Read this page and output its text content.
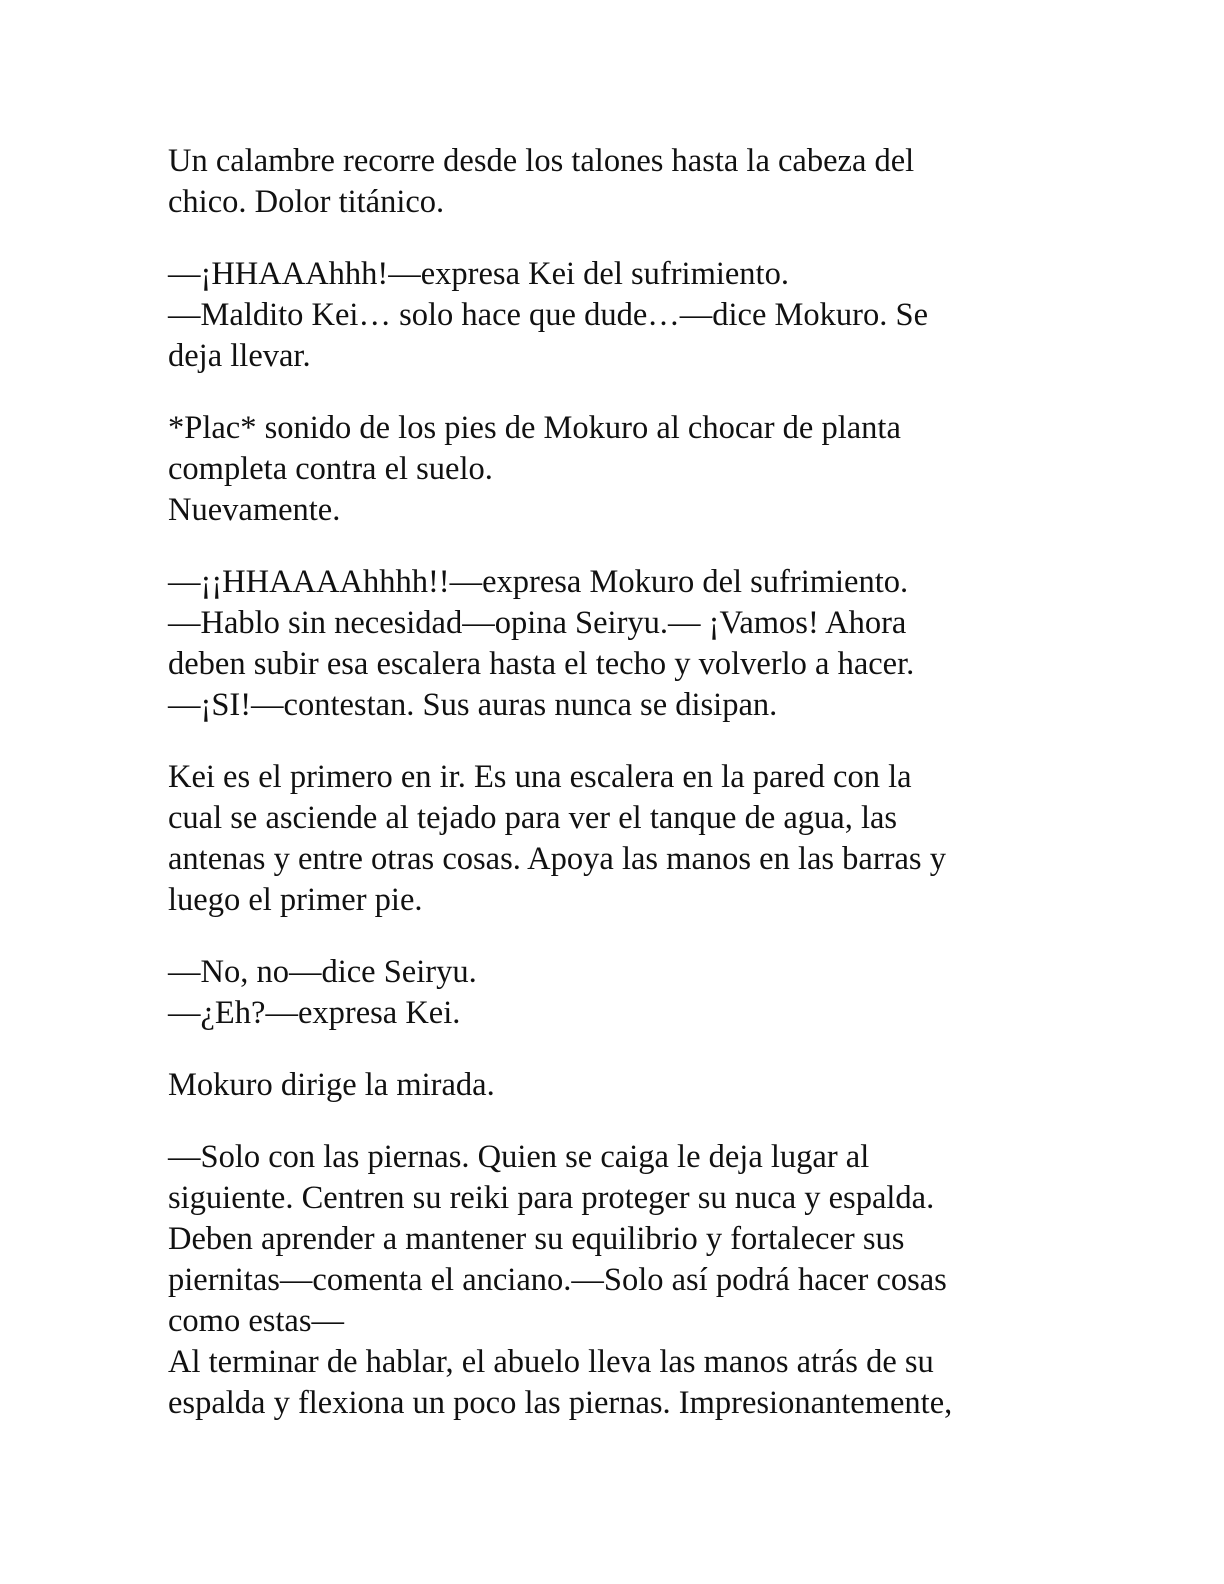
Un calambre recorre desde los talones hasta la cabeza del
chico. Dolor titánico.

—¡HHAAAhhh!—expresa Kei del sufrimiento.
—Maldito Kei… solo hace que dude…—dice Mokuro. Se
deja llevar.

*Plac* sonido de los pies de Mokuro al chocar de planta
completa contra el suelo.
Nuevamente.

—¡¡HHAAAAhhhh!!—expresa Mokuro del sufrimiento.
—Hablo sin necesidad—opina Seiryu.— ¡Vamos! Ahora
deben subir esa escalera hasta el techo y volverlo a hacer.
—¡SI!—contestan. Sus auras nunca se disipan.

Kei es el primero en ir. Es una escalera en la pared con la
cual se asciende al tejado para ver el tanque de agua, las
antenas y entre otras cosas. Apoya las manos en las barras y
luego el primer pie.

—No, no—dice Seiryu.
—¿Eh?—expresa Kei.

Mokuro dirige la mirada.

—Solo con las piernas. Quien se caiga le deja lugar al
siguiente. Centren su reiki para proteger su nuca y espalda.
Deben aprender a mantener su equilibrio y fortalecer sus
piernitas—comenta el anciano.—Solo así podrá hacer cosas
como estas—
Al terminar de hablar, el abuelo lleva las manos atrás de su
espalda y flexiona un poco las piernas. Impresionantemente,
